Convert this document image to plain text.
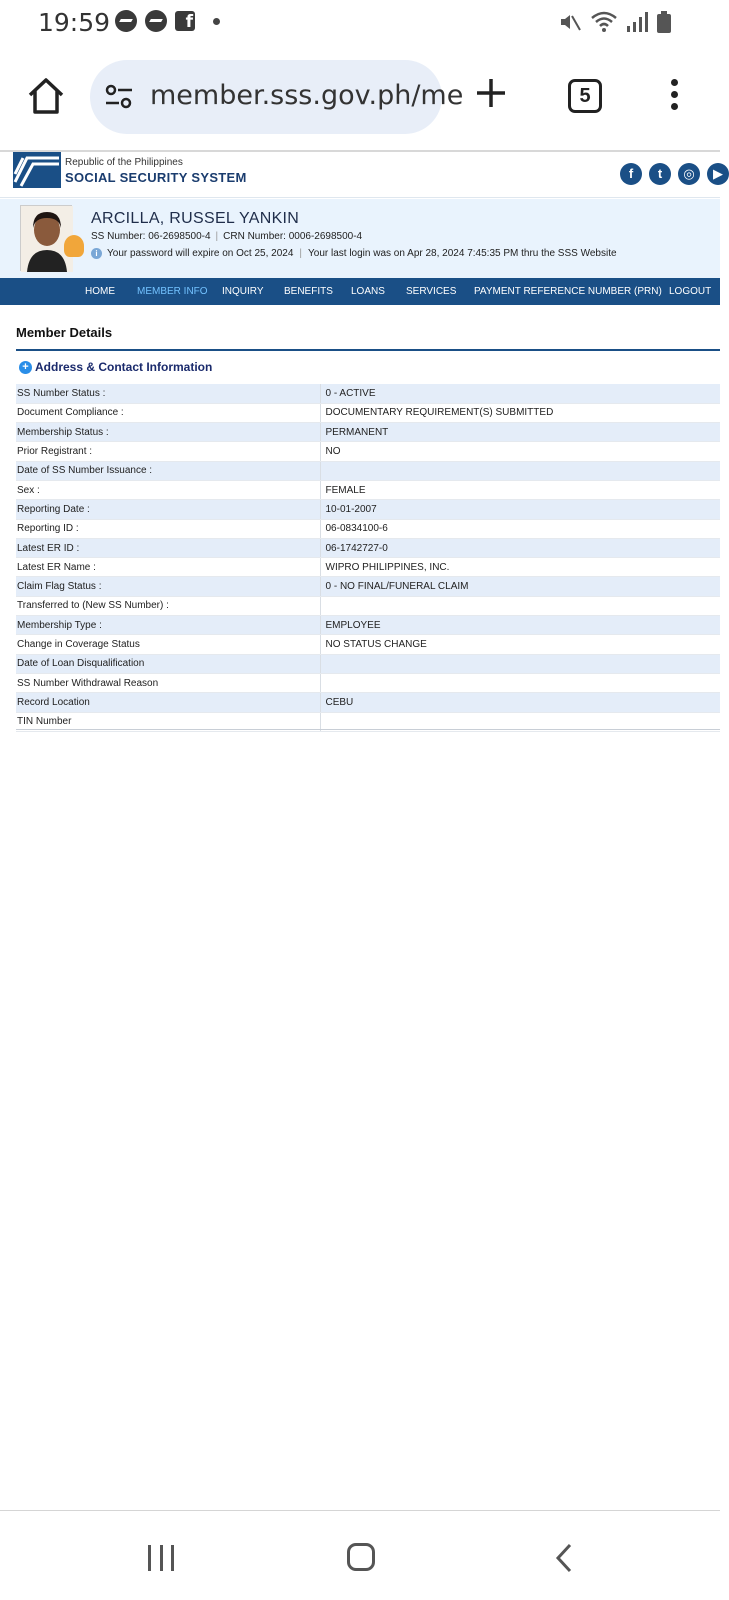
19:59	f
member.sss.gov.ph/me	5
Republic of the Philippines
SOCIAL SECURITY SYSTEM	f	t	◎	▶
ARCILLA, RUSSEL YANKIN
SS Number: 06-2698500-4 | CRN Number: 0006-2698500-4
i Your password will expire on Oct 25, 2024 | Your last login was on Apr 28, 2024 7:45:35 PM thru the SSS Website
HOME MEMBER INFO INQUIRY BENEFITS LOANS SERVICES PAYMENT REFERENCE NUMBER (PRN) LOGOUT
Member Details
+ Address & Contact Information
SS Number Status :	0 - ACTIVE
Document Compliance :	DOCUMENTARY REQUIREMENT(S) SUBMITTED
Membership Status :	PERMANENT
Prior Registrant :	NO
Date of SS Number Issuance :	
Sex :	FEMALE
Reporting Date :	10-01-2007
Reporting ID :	06-0834100-6
Latest ER ID :	06-1742727-0
Latest ER Name :	WIPRO PHILIPPINES, INC.
Claim Flag Status :	0 - NO FINAL/FUNERAL CLAIM
Transferred to (New SS Number) :	
Membership Type :	EMPLOYEE
Change in Coverage Status	NO STATUS CHANGE
Date of Loan Disqualification	
SS Number Withdrawal Reason	
Record Location	CEBU
TIN Number	
